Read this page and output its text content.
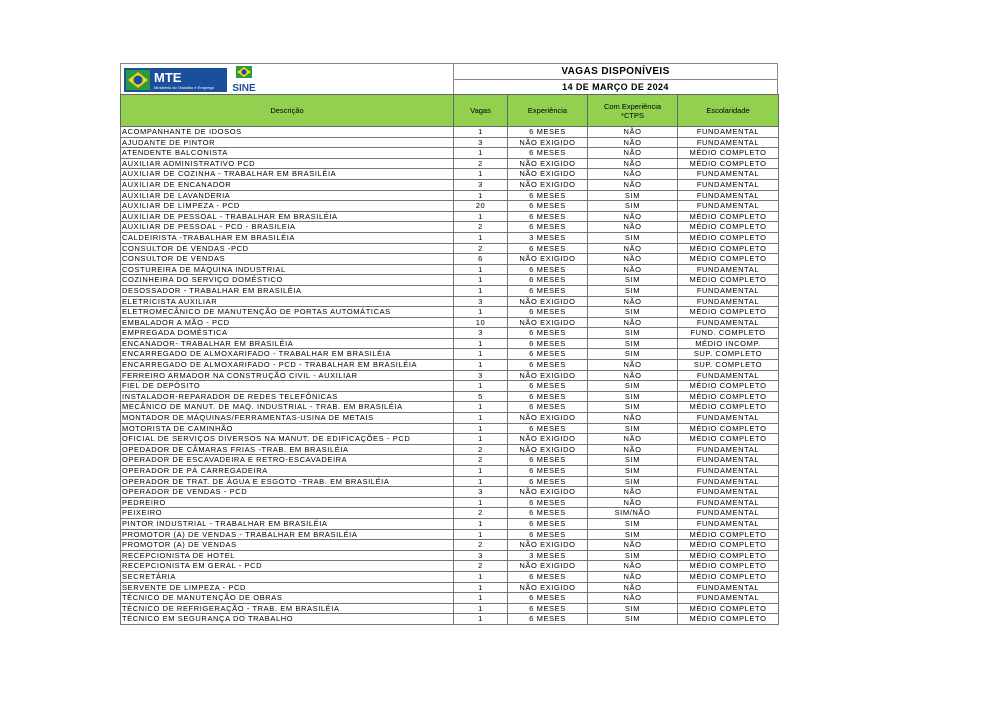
MTE
Ministério do Trabalho e Emprego SINE
VAGAS DISPONÍVEIS
14 DE MARÇO DE 2024
Descrição	Vagas	Experiência	Com Experiência *CTPS	Escolaridade
ACOMPANHANTE DE IDOSOS	1	6 MESES	NÃO	FUNDAMENTAL
AJUDANTE DE PINTOR	3	NÃO EXIGIDO	NÃO	FUNDAMENTAL
ATENDENTE BALCONISTA	1	6 MESES	NÃO	MÉDIO COMPLETO
AUXILIAR ADMINISTRATIVO PCD	2	NÃO EXIGIDO	NÃO	MÉDIO COMPLETO
AUXILIAR DE COZINHA - TRABALHAR EM BRASILÉIA	1	NÃO EXIGIDO	NÃO	FUNDAMENTAL
AUXILIAR DE ENCANADOR	3	NÃO EXIGIDO	NÃO	FUNDAMENTAL
AUXILIAR DE LAVANDERIA	1	6 MESES	SIM	FUNDAMENTAL
AUXILIAR DE LIMPEZA - PCD	20	6 MESES	SIM	FUNDAMENTAL
AUXILIAR DE PESSOAL - TRABALHAR EM BRASILÉIA	1	6 MESES	NÃO	MÉDIO COMPLETO
AUXILIAR DE PESSOAL - PCD - BRASILEIA	2	6 MESES	NÃO	MÉDIO COMPLETO
CALDEIRISTA -TRABALHAR EM BRASILÉIA	1	3 MESES	SIM	MÉDIO COMPLETO
CONSULTOR DE VENDAS -PCD	2	6 MESES	NÃO	MÉDIO COMPLETO
CONSULTOR DE VENDAS	6	NÃO EXIGIDO	NÃO	MÉDIO COMPLETO
COSTUREIRA DE MÁQUINA INDUSTRIAL	1	6 MESES	NÃO	FUNDAMENTAL
COZINHEIRA DO SERVIÇO DOMÉSTICO	1	6 MESES	SIM	MÉDIO COMPLETO
DESOSSADOR - TRABALHAR EM BRASILÉIA	1	6 MESES	SIM	FUNDAMENTAL
ELETRICISTA AUXILIAR	3	NÃO EXIGIDO	NÃO	FUNDAMENTAL
ELETROMECÂNICO DE MANUTENÇÃO DE PORTAS AUTOMÁTICAS	1	6 MESES	SIM	MÉDIO COMPLETO
EMBALADOR A MÃO - PCD	10	NÃO EXIGIDO	NÃO	FUNDAMENTAL
EMPREGADA DOMÉSTICA	3	6 MESES	SIM	FUND. COMPLETO
ENCANADOR- TRABALHAR EM BRASILÉIA	1	6 MESES	SIM	MÉDIO INCOMP.
ENCARREGADO DE ALMOXARIFADO - TRABALHAR EM BRASILÉIA	1	6 MESES	SIM	SUP. COMPLETO
ENCARREGADO DE ALMOXARIFADO - PCD - TRABALHAR EM BRASILÉIA	1	6 MESES	NÃO	SUP. COMPLETO
FERREIRO ARMADOR NA CONSTRUÇÃO CIVIL - AUXILIAR	3	NÃO EXIGIDO	NÃO	FUNDAMENTAL
FIEL DE DEPÓSITO	1	6 MESES	SIM	MÉDIO COMPLETO
INSTALADOR-REPARADOR DE REDES TELEFÔNICAS	5	6 MESES	SIM	MÉDIO COMPLETO
MECÂNICO DE MANUT. DE MAQ. INDUSTRIAL - TRAB. EM BRASILÉIA	1	6 MESES	SIM	MÉDIO COMPLETO
MONTADOR DE MÁQUINAS/FERRAMENTAS-USINA DE METAIS	1	NÃO EXIGIDO	NÃO	FUNDAMENTAL
MOTORISTA DE CAMINHÃO	1	6 MESES	SIM	MÉDIO COMPLETO
OFICIAL DE SERVIÇOS DIVERSOS NA MANUT. DE EDIFICAÇÕES - PCD	1	NÃO EXIGIDO	NÃO	MÉDIO COMPLETO
OPEDADOR DE CÂMARAS FRIAS -TRAB. EM BRASILÉIA	2	NÃO EXIGIDO	NÃO	FUNDAMENTAL
OPERADOR DE ESCAVADEIRA E RETRO-ESCAVADEIRA	2	6 MESES	SIM	FUNDAMENTAL
OPERADOR DE PÁ CARREGADEIRA	1	6 MESES	SIM	FUNDAMENTAL
OPERADOR DE TRAT. DE ÁGUA E ESGOTO -TRAB. EM BRASILÉIA	1	6 MESES	SIM	FUNDAMENTAL
OPERADOR DE VENDAS - PCD	3	NÃO EXIGIDO	NÃO	FUNDAMENTAL
PEDREIRO	1	6 MESES	NÃO	FUNDAMENTAL
PEIXEIRO	2	6 MESES	SIM/NÃO	FUNDAMENTAL
PINTOR INDUSTRIAL - TRABALHAR EM BRASILÉIA	1	6 MESES	SIM	FUNDAMENTAL
PROMOTOR (A) DE VENDAS - TRABALHAR EM BRASILÉIA	1	6 MESES	SIM	MÉDIO COMPLETO
PROMOTOR (A) DE VENDAS	2	NÃO EXIGIDO	NÃO	MÉDIO COMPLETO
RECEPCIONISTA DE HOTEL	3	3 MESES	SIM	MÉDIO COMPLETO
RECEPCIONISTA EM GERAL - PCD	2	NÃO EXIGIDO	NÃO	MÉDIO COMPLETO
SECRETÁRIA	1	6 MESES	NÃO	MÉDIO COMPLETO
SERVENTE DE LIMPEZA - PCD	1	NÃO EXIGIDO	NÃO	FUNDAMENTAL
TÉCNICO DE MANUTENÇÃO DE OBRAS	1	6 MESES	NÃO	FUNDAMENTAL
TÉCNICO DE REFRIGERAÇÃO - TRAB. EM BRASILÉIA	1	6 MESES	SIM	MÉDIO COMPLETO
TÉCNICO EM SEGURANÇA DO TRABALHO	1	6 MESES	SIM	MÉDIO COMPLETO
